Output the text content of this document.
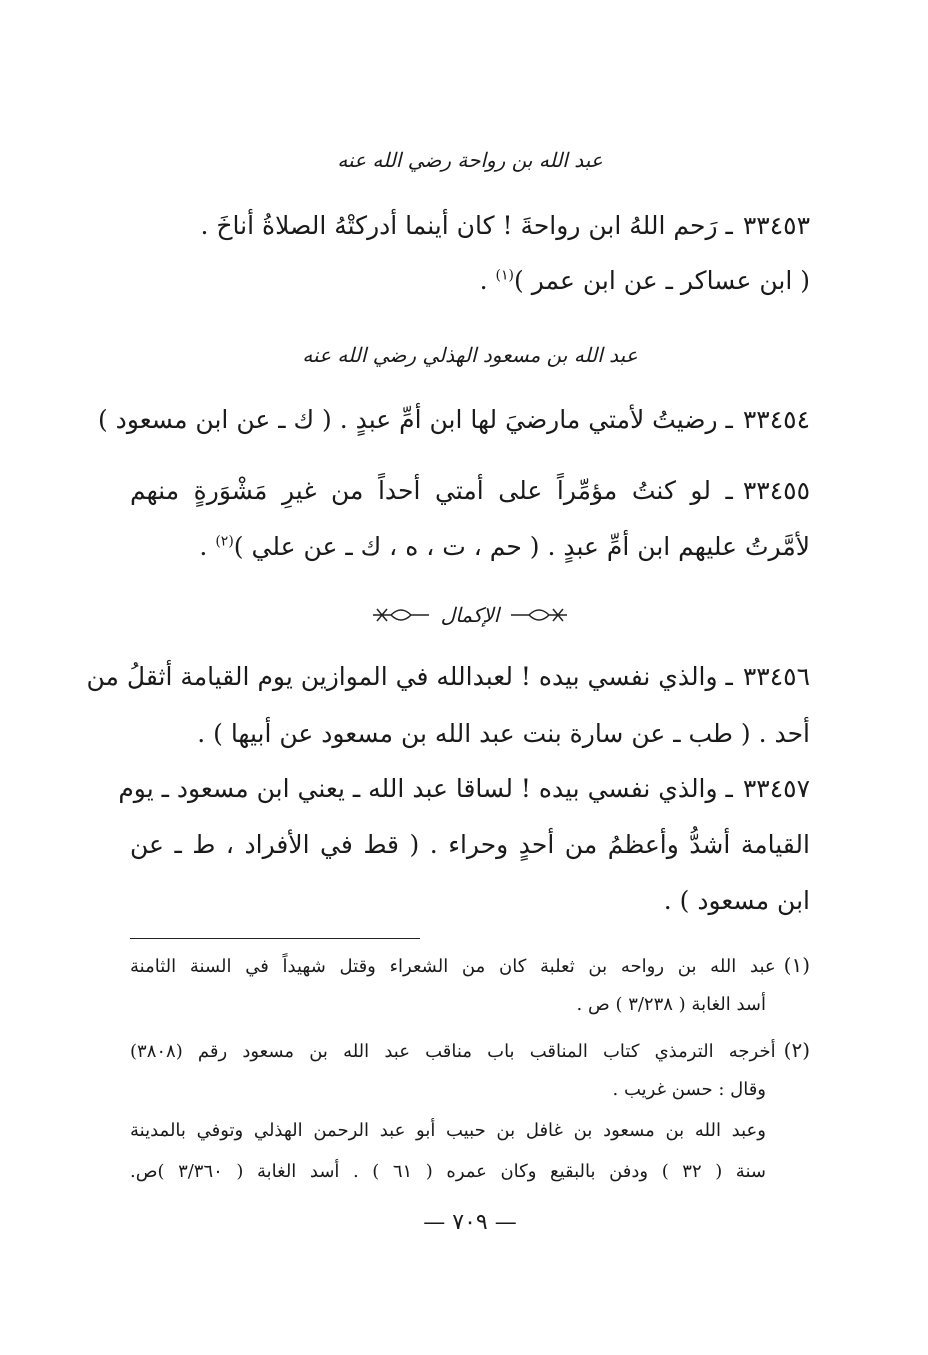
عبد الله بن رواحة رضي الله عنه
٣٣٤٥٣ـ رَحم اللهُ ابن رواحةَ ! كان أينما أدركتْهُ الصلاةُ أناخَ .
( ابن عساكر ـ عن ابن عمر )$^{(١)}$ .
عبد الله بن مسعود الهذلي رضي الله عنه
٣٣٤٥٤ـ رضيتُ لأمتي مارضيَ لها ابن أمِّ عبدٍ . ( ك ـ عن ابن مسعود )
٣٣٤٥٥ـ لو كنتُ مؤمِّراً على أمتي أحداً من غيرِ مَشْوَرةٍ منهم
لأمَّرتُ عليهم ابن أمِّ عبدٍ . ( حم ، ت ، ه ، ك ـ عن علي )$^{(٢)}$ .
الإكمال
٣٣٤٥٦ـ والذي نفسي بيده ! لعبدالله في الموازين يوم القيامة أثقلُ من
أحد . ( طب ـ عن سارة بنت عبد الله بن مسعود عن أبيها ) .
٣٣٤٥٧ـ والذي نفسي بيده ! لساقا عبد الله ـ يعني ابن مسعود ـ يوم
القيامة أشدُّ وأعظمُ من أحدٍ وحراء . ( قط في الأفراد ، ط ـ عن
ابن مسعود ) .
(١)عبد الله بن رواحه بن ثعلبة كان من الشعراء وقتل شهيداً في السنة الثامنة
أسد الغابة ( ٣/٢٣٨ ) ص .
(٢)أخرجه الترمذي كتاب المناقب باب مناقب عبد الله بن مسعود رقم (٣٨٠٨)
وقال : حسن غريب .
وعبد الله بن مسعود بن غافل بن حبيب أبو عبد الرحمن الهذلي وتوفي بالمدينة
سنة ( ٣٢ ) ودفن بالبقيع وكان عمره ( ٦١ ) . أسد الغابة ( ٣/٣٦٠ )ص.
— ٧٠٩ —
